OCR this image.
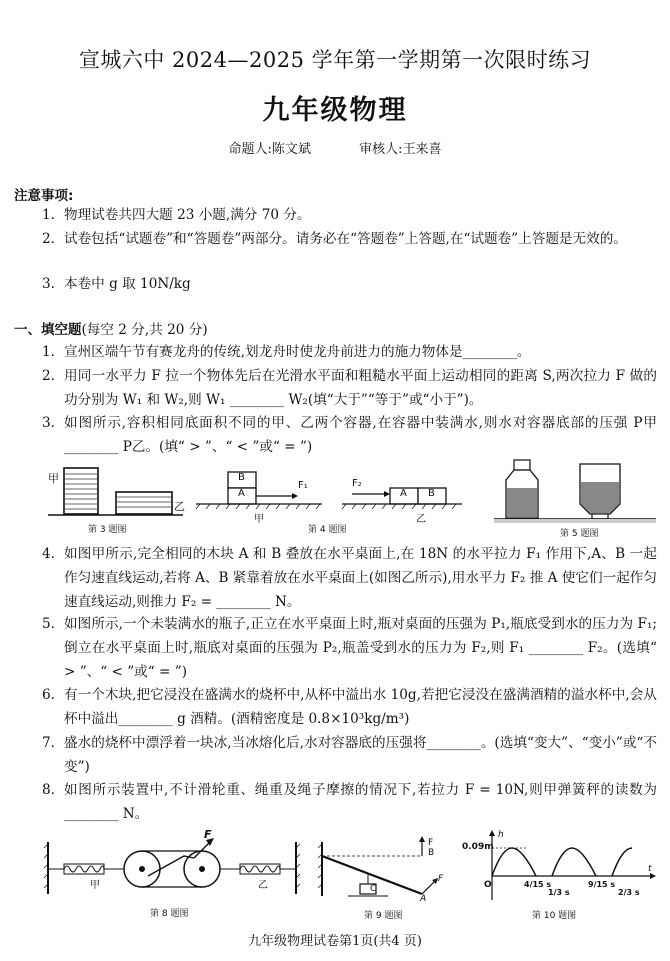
宣城六中 2024—2025 学年第一学期第一次限时练习
九年级物理
命题人:陈文斌	审核人:王来喜
注意事项:
1. 物理试卷共四大题 23 小题,满分 70 分。
2. 试卷包括“试题卷”和“答题卷”两部分。请务必在“答题卷”上答题,在“试题卷”上答题是无效的。
3. 本卷中 g 取 10N/kg
一、填空题(每空 2 分,共 20 分)
1. 宣州区端午节有赛龙舟的传统,划龙舟时使龙舟前进力的施力物体是________。
2. 用同一水平力 F 拉一个物体先后在光滑水平面和粗糙水平面上运动相同的距离 S,两次拉力 F 做的功分别为 W₁ 和 W₂,则 W₁ ________ W₂(填“大于”“等于”或“小于”)。
3. 如图所示,容积相同底面积不同的甲、乙两个容器,在容器中装满水,则水对容器底部的压强 P甲________ P乙。(填“ > ”、“ < ”或“ = ”)
甲
乙
第 3 题图
B
A
F₁
甲
F₂
A B
乙
第 4 题图	第 5 题图
4. 如图甲所示,完全相同的木块 A 和 B 叠放在水平桌面上,在 18N 的水平拉力 F₁ 作用下,A、B 一起作匀速直线运动,若将 A、B 紧靠着放在水平桌面上(如图乙所示),用水平力 F₂ 推 A 使它们一起作匀速直线运动,则推力 F₂ = ________ N。
5. 如图所示,一个未装满水的瓶子,正立在水平桌面上时,瓶对桌面的压强为 P₁,瓶底受到水的压力为 F₁;倒立在水平桌面上时,瓶底对桌面的压强为 P₂,瓶盖受到水的压力为 F₂,则 F₁ ________ F₂。(选填“ > ”、“ < ”或“ = ”)
6. 有一个木块,把它浸没在盛满水的烧杯中,从杯中溢出水 10g,若把它浸没在盛满酒精的溢水杯中,会从杯中溢出________ g 酒精。(酒精密度是 0.8×10³kg/m³)
7. 盛水的烧杯中漂浮着一块冰,当冰熔化后,水对容器底的压强将________。(选填“变大”、“变小”或“不变”)
8. 如图所示装置中,不计滑轮重、绳重及绳子摩擦的情况下,若拉力 F = 10N,则甲弹簧秤的读数为________ N。
F
甲	乙
第 8 题图
F
B
C
F
A
第 9 题图
h
t
0.09m
O	4/15 s
1/3 s
9/15 s
2/3 s
第 10 题图
九年级物理试卷第1页(共4 页)
